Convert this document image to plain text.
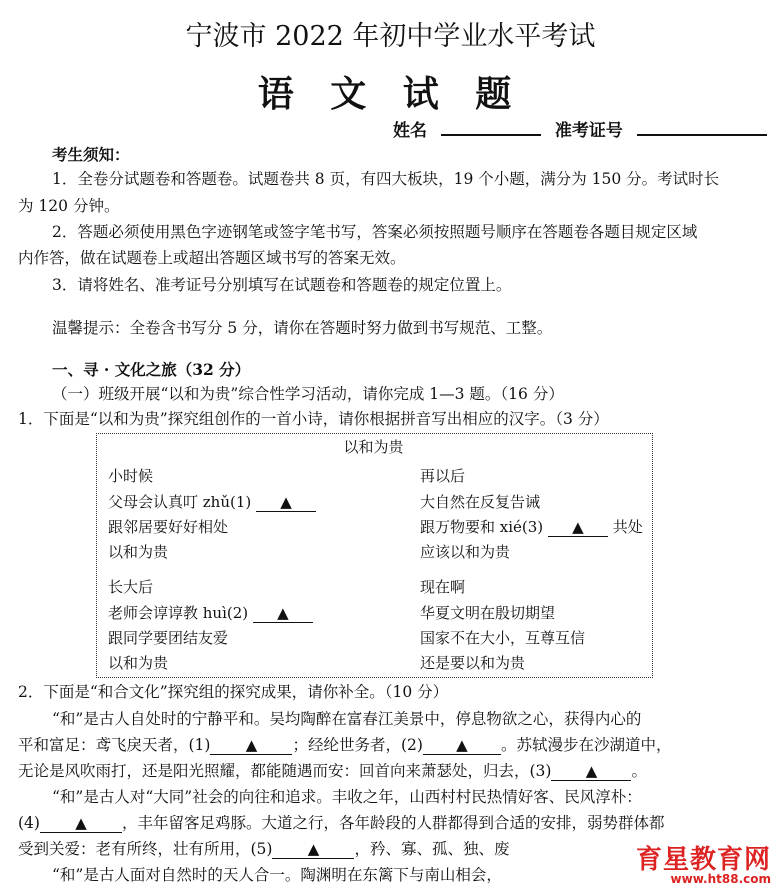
宁波市 2022 年初中学业水平考试
语 文 试 题
姓名	准考证号
考生须知：
1．全卷分试题卷和答题卷。试题卷共 8 页，有四大板块，19 个小题，满分为 150 分。考试时长
为 120 分钟。
2．答题必须使用黑色字迹钢笔或签字笔书写，答案必须按照题号顺序在答题卷各题目规定区域
内作答，做在试题卷上或超出答题区域书写的答案无效。
3．请将姓名、准考证号分别填写在试题卷和答题卷的规定位置上。
温馨提示：全卷含书写分 5 分，请你在答题时努力做到书写规范、工整。
一、寻 · 文化之旅（32 分）
（一）班级开展“以和为贵”综合性学习活动，请你完成 1—3 题。（16 分）
1．下面是“以和为贵”探究组创作的一首小诗，请你根据拼音写出相应的汉字。（3 分）
以和为贵
小时候
父母会认真叮 zhǔ(1) ▲
跟邻居要好好相处
以和为贵
长大后
老师会谆谆教 huì(2) ▲
跟同学要团结友爱
以和为贵
再以后
大自然在反复告诫
跟万物要和 xié(3) ▲ 共处
应该以和为贵
现在啊
华夏文明在殷切期望
国家不在大小，互尊互信
还是要以和为贵
2．下面是“和合文化”探究组的探究成果，请你补全。（10 分）
“和”是古人自处时的宁静平和。吴均陶醉在富春江美景中，停息物欲之心，获得内心的
平和富足：鸢飞戾天者，(1) ▲ ；经纶世务者，(2) ▲ 。苏轼漫步在沙湖道中，
无论是风吹雨打，还是阳光照耀，都能随遇而安：回首向来萧瑟处，归去，(3) ▲ 。
“和”是古人对“大同”社会的向往和追求。丰收之年，山西村村民热情好客、民风淳朴：
(4) ▲ ，丰年留客足鸡豚。大道之行，各年龄段的人群都得到合适的安排，弱势群体都
受到关爱：老有所终，壮有所用，(5) ▲ ，矜、寡、孤、独、废
“和”是古人面对自然时的天人合一。陶渊明在东篱下与南山相会，	育星教育网
www.ht88.com
